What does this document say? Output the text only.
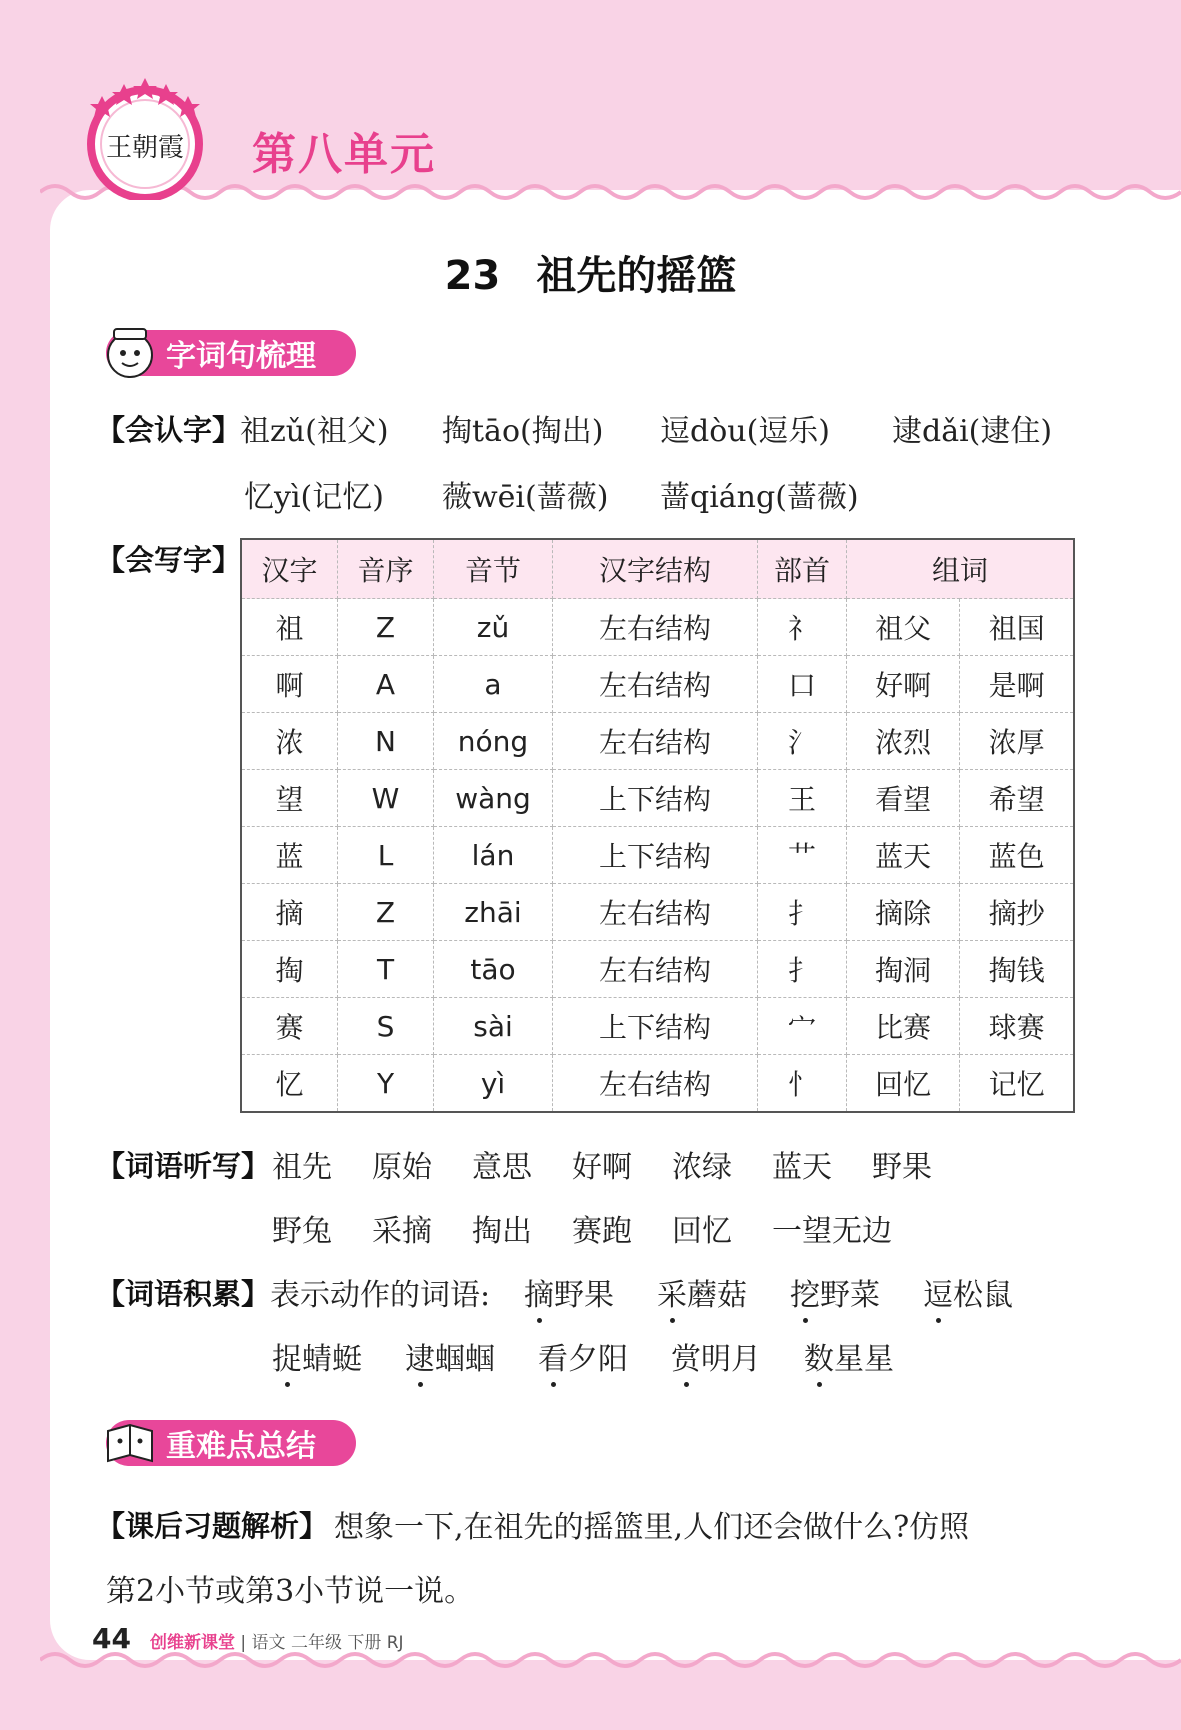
王朝霞 第八单元
23 祖先的摇篮
字词句梳理
【会认字】
祖zǔ(祖父) 掏tāo(掏出) 逗dòu(逗乐) 逮dǎi(逮住)
忆yì(记忆) 薇wēi(蔷薇) 蔷qiáng(蔷薇)
【会写字】 汉字	音序	音节	汉字结构	部首	组词	
祖	Z	zǔ	左右结构	礻	祖父	祖国
啊	A	a	左右结构	口	好啊	是啊
浓	N	nóng	左右结构	氵	浓烈	浓厚
望	W	wàng	上下结构	王	看望	希望
蓝	L	lán	上下结构	艹	蓝天	蓝色
摘	Z	zhāi	左右结构	扌	摘除	摘抄
掏	T	tāo	左右结构	扌	掏洞	掏钱
赛	S	sài	上下结构	宀	比赛	球赛
忆	Y	yì	左右结构	忄	回忆	记忆
【词语听写】 祖先 原始 意思 好啊 浓绿 蓝天 野果
野兔 采摘 掏出 赛跑 回忆 一望无边
【词语积累】 表示动作的词语: 摘野果 采蘑菇 挖野菜 逗松鼠
捉蜻蜓 逮蝈蝈 看夕阳 赏明月 数星星
重难点总结
【课后习题解析】 想象一下,在祖先的摇篮里,人们还会做什么?仿照
第2小节或第3小节说一说。
44 创维新课堂 | 语文 二年级 下册 RJ
